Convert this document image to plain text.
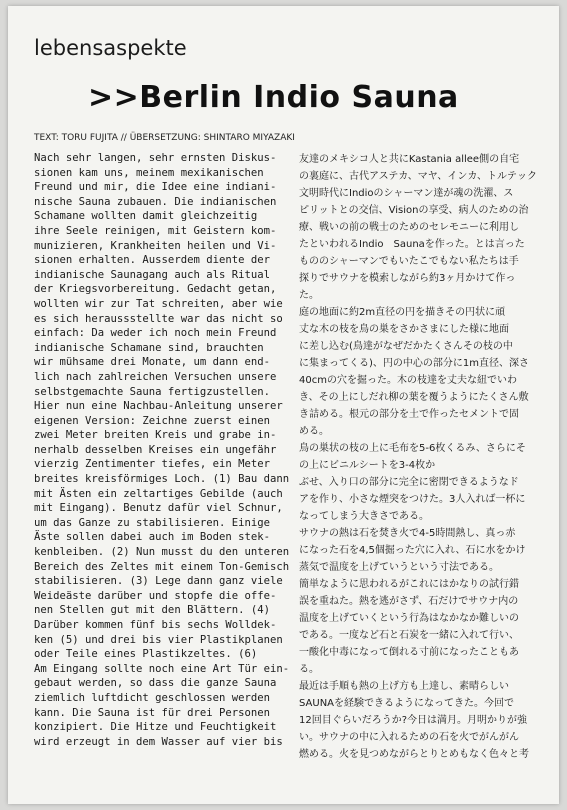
lebensaspekte
>>Berlin Indio Sauna
TEXT: TORU FUJITA // ÜBERSETZUNG: SHINTARO MIYAZAKI

Nach sehr langen, sehr ernsten Diskus-

sionen kam uns, meinem mexikanischen

Freund und mir, die Idee eine indiani-

nische Sauna zubauen. Die indianischen

Schamane wollten damit gleichzeitig

ihre Seele reinigen, mit Geistern kom-

munizieren, Krankheiten heilen und Vi-

sionen erhalten. Ausserdem diente der

indianische Saunagang auch als Ritual

der Kriegsvorbereitung. Gedacht getan,

wollten wir zur Tat schreiten, aber wie

es sich heraussstellte war das nicht so

einfach: Da weder ich noch mein Freund

indianische Schamane sind, brauchten

wir mühsame drei Monate, um dann end-

lich nach zahlreichen Versuchen unsere

selbstgemachte Sauna fertigzustellen.

Hier nun eine Nachbau-Anleitung unserer

eigenen Version: Zeichne zuerst einen

zwei Meter breiten Kreis und grabe in-

nerhalb desselben Kreises ein ungefähr

vierzig Zentimenter tiefes, ein Meter

breites kreisförmiges Loch. (1) Bau dann

mit Ästen ein zeltartiges Gebilde (auch

mit Eingang). Benutz dafür viel Schnur,

um das Ganze zu stabilisieren. Einige

Äste sollen dabei auch im Boden stek-

kenbleiben. (2) Nun musst du den unteren

Bereich des Zeltes mit einem Ton-Gemisch

stabilisieren. (3) Lege dann ganz viele

Weideäste darüber und stopfe die offe-

nen Stellen gut mit den Blättern. (4)

Darüber kommen fünf bis sechs Wolldek-

ken (5) und drei bis vier Plastikplanen

oder Teile eines Plastikzeltes. (6)

Am Eingang sollte noch eine Art Tür ein-

gebaut werden, so dass die ganze Sauna

ziemlich luftdicht geschlossen werden

kann. Die Sauna ist für drei Personen

konzipiert. Die Hitze und Feuchtigkeit

wird erzeugt in dem Wasser auf vier bis

友達のメキシコ人と共にKastania allee側の自宅

の裏庭に、古代アステカ、マヤ、インカ、トルテック

文明時代にIndioのシャーマン達が魂の洗濯、ス

ピリットとの交信、Visionの享受、病人のための治

療、戦いの前の戦士のためのセレモニーに利用し

たといわれるIndio　Saunaを作った。とは言った

もののシャーマンでもいたこでもない私たちは手

探りでサウナを模索しながら約3ヶ月かけて作っ

た。

庭の地面に約2m直径の円を描きその円状に頑

丈な木の枝を鳥の巣をさかさまにした様に地面

に差し込む(鳥達がなぜだかたくさんその枝の中

に集まってくる)、円の中心の部分に1m直径、深さ

40cmの穴を掘った。木の枝達を丈夫な紐でいわ

き、その上にしだれ柳の葉を覆うようにたくさん敷

き詰める。根元の部分を土で作ったセメントで固

める。

鳥の巣状の枝の上に毛布を5-6枚くるみ、さらにそ

の上にビニルシートを3-4枚か

ぶせ、入り口の部分に完全に密閉できるようなド

アを作り、小さな煙突をつけた。3人入れば一杯に

なってしまう大きさである。

サウナの熱は石を焚き火で4-5時間熱し、真っ赤

になった石を4,5個掘った穴に入れ、石に水をかけ

蒸気で温度を上げていうという寸法である。

簡単なように思われるがこれにはかなりの試行錯

誤を重ねた。熱を逃がさず、石だけでサウナ内の

温度を上げていくという行為はなかなか難しいの

である。一度など石と石炭を一緒に入れて行い、

一酸化中毒になって倒れる寸前になったこともあ

る。

最近は手順も熱の上げ方も上達し、素晴らしい

SAUNAを経験できるようになってきた。今回で

12回目ぐらいだろうか?今日は満月。月明かりが強

い。サウナの中に入れるための石を火でがんがん

燃める。火を見つめながらとりとめもなく色々と考
